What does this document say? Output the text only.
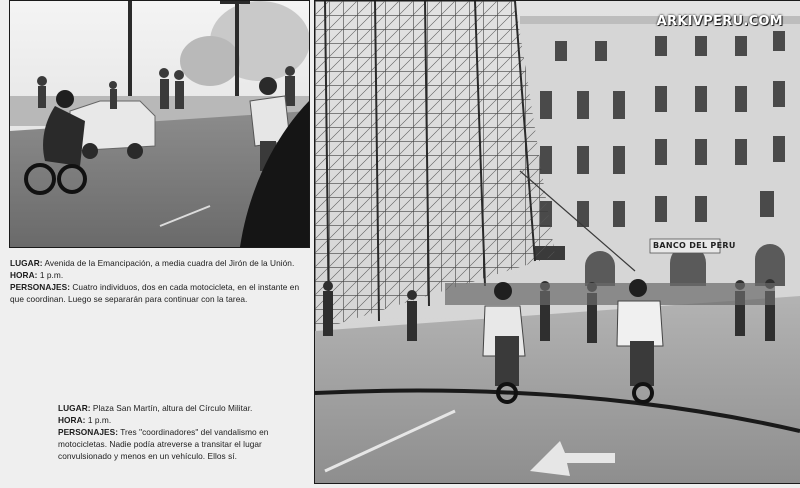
LUGAR: Avenida de la Emancipación, a media cuadra del Jirón de la Unión.
HORA: 1 p.m.
PERSONAJES: Cuatro individuos, dos en cada motocicleta, en el instante en que coordinan. Luego se separarán para continuar con la tarea.
LUGAR: Plaza San Martín, altura del Círculo Militar.
HORA: 1 p.m.
PERSONAJES: Tres "coordinadores" del vandalismo en motocicletas. Nadie podía atreverse a transitar el lugar convulsionado y menos en un vehículo. Ellos sí.
BANCO DEL PERU
ARKIVPERU.COM
